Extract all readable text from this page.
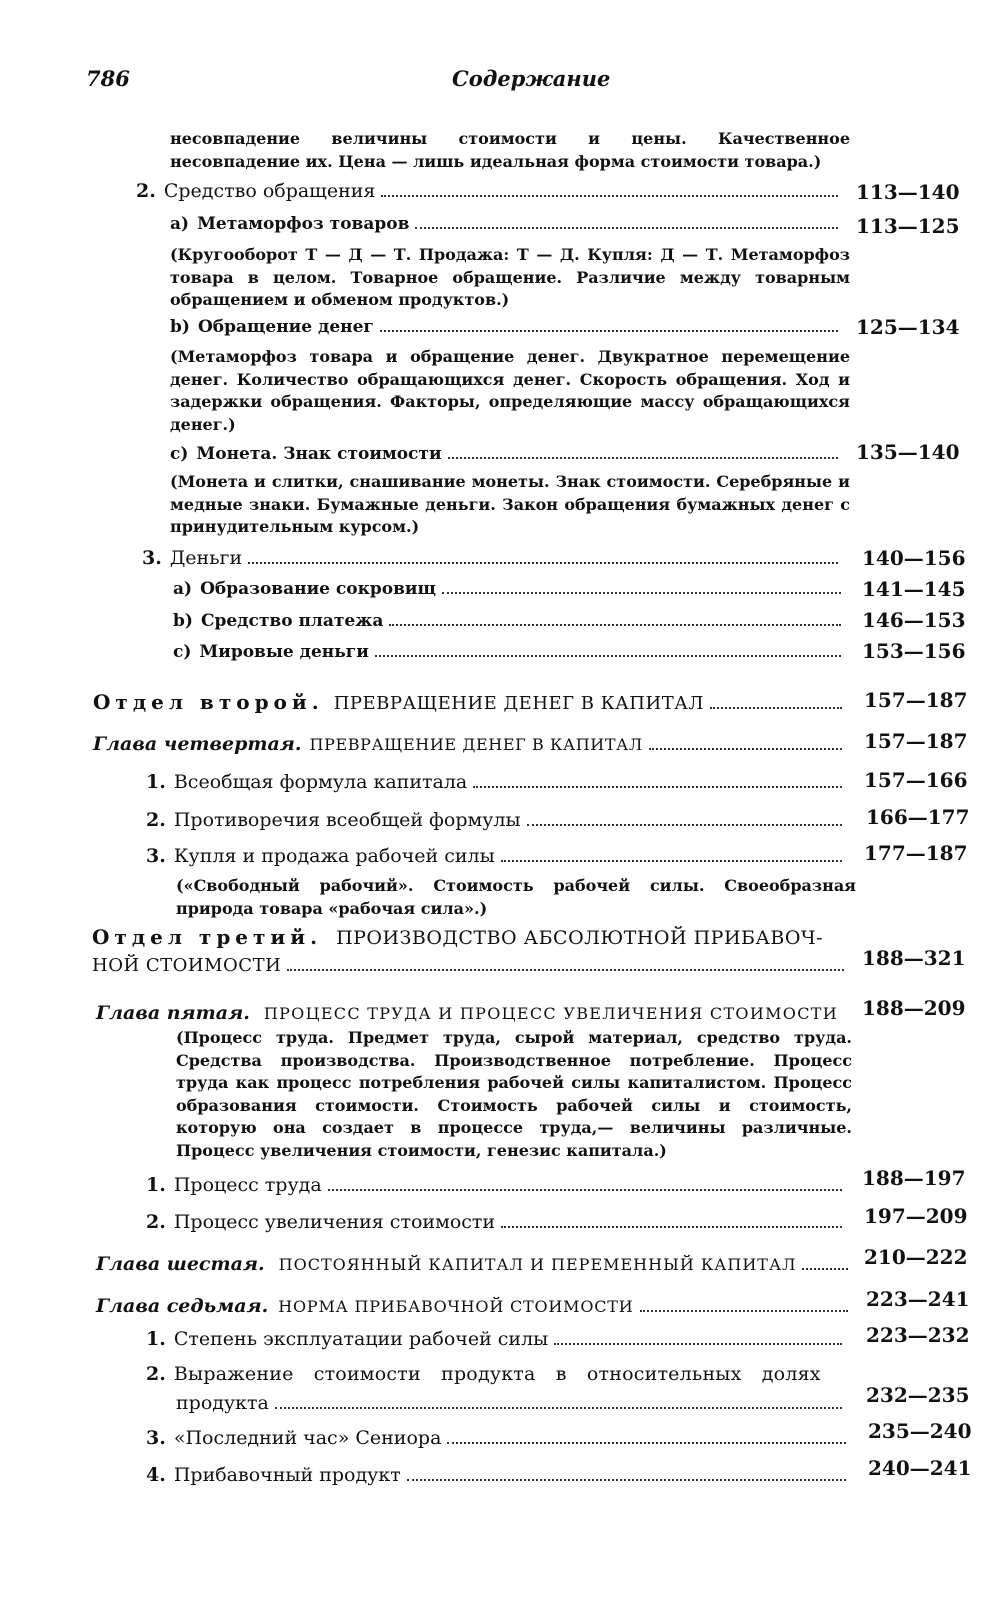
786	Содержание
несовпадение величины стоимости и цены. Качественное несовпадение их. Цена — лишь идеальная форма стоимости товара.)
2. Средство обращения	113—140
a) Метаморфоз товаров	113—125
(Кругооборот Т — Д — Т. Продажа: Т — Д. Купля: Д — Т. Метаморфоз товара в целом. Товарное обращение. Различие между товарным обращением и обменом продуктов.)
b) Обращение денег	125—134
(Метаморфоз товара и обращение денег. Двукратное перемещение денег. Количество обращающихся денег. Скорость обращения. Ход и задержки обращения. Факторы, определяющие массу обращающихся денег.)
c) Монета. Знак стоимости	135—140
(Монета и слитки, снашивание монеты. Знак стоимости. Серебряные и медные знаки. Бумажные деньги. Закон обращения бумажных денег с принудительным курсом.)
3. Деньги	140—156
a) Образование сокровищ	141—145
b) Средство платежа	146—153
c) Мировые деньги	153—156
Отдел второй. ПРЕВРАЩЕНИЕ ДЕНЕГ В КАПИТАЛ	157—187
Глава четвертая. ПРЕВРАЩЕНИЕ ДЕНЕГ В КАПИТАЛ	157—187
1. Всеобщая формула капитала	157—166
2. Противоречия всеобщей формулы	166—177
3. Купля и продажа рабочей силы	177—187
(«Свободный рабочий». Стоимость рабочей силы. Своеобразная природа товара «рабочая сила».)
Отдел третий. ПРОИЗВОДСТВО АБСОЛЮТНОЙ ПРИБАВОЧ-
НОЙ СТОИМОСТИ	188—321
Глава пятая. ПРОЦЕСС ТРУДА И ПРОЦЕСС УВЕЛИЧЕНИЯ СТОИМОСТИ 188—209
(Процесс труда. Предмет труда, сырой материал, средство труда. Средства производства. Производственное потребление. Процесс труда как процесс потребления рабочей силы капиталистом. Процесс образования стоимости. Стоимость рабочей силы и стоимость, которую она создает в процессе труда,— величины различные. Процесс увеличения стоимости, генезис капитала.)
1. Процесс труда	188—197
2. Процесс увеличения стоимости	197—209
Глава шестая. ПОСТОЯННЫЙ КАПИТАЛ И ПЕРЕМЕННЫЙ КАПИТАЛ	210—222
Глава седьмая. НОРМА ПРИБАВОЧНОЙ СТОИМОСТИ	223—241
1. Степень эксплуатации рабочей силы	223—232
2. Выражение стоимости продукта в относительных долях
продукта	232—235
3. «Последний час» Сениора	235—240
4. Прибавочный продукт	240—241
